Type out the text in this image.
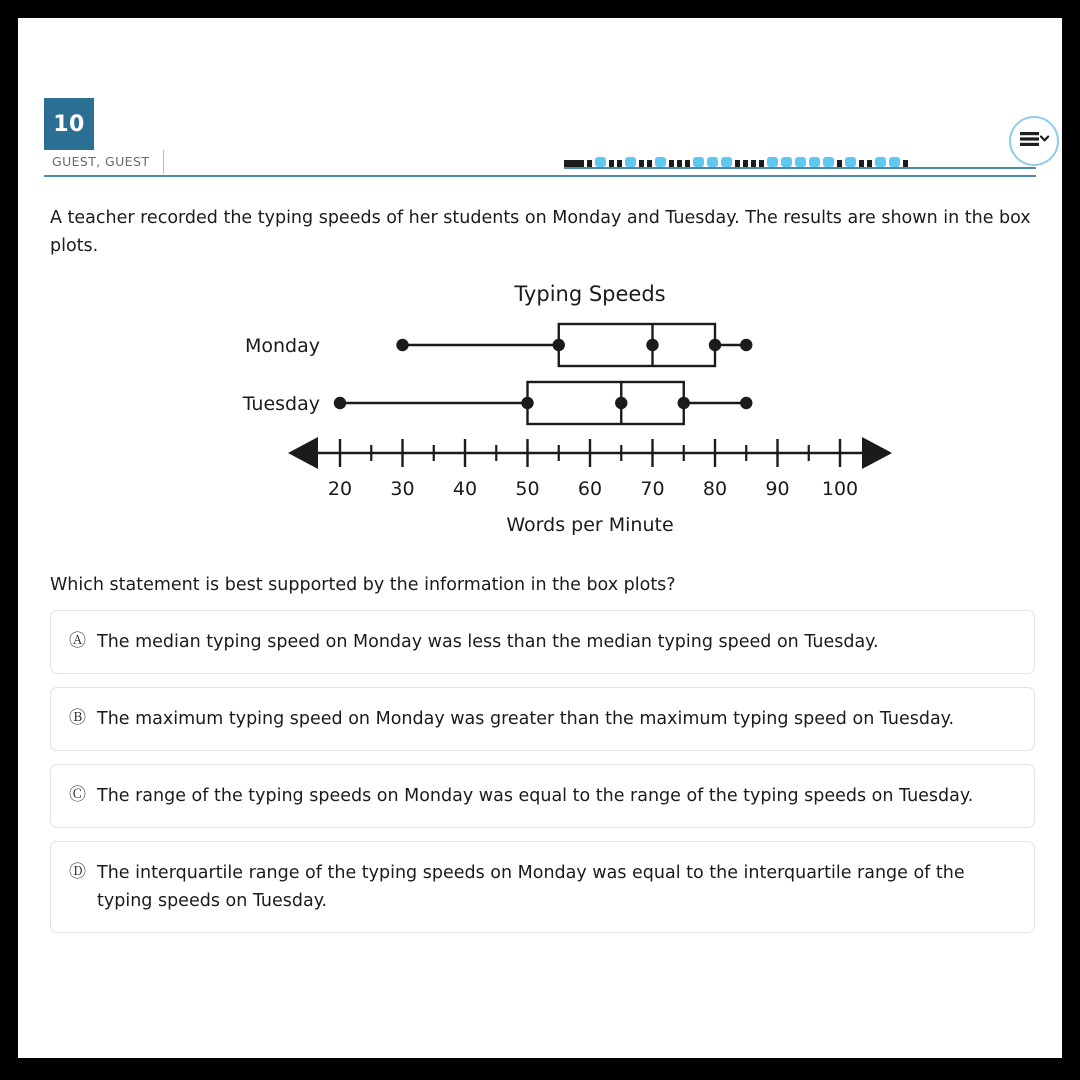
10
GUEST, GUEST
A teacher recorded the typing speeds of her students on Monday and Tuesday. The results are shown in the box plots.
Typing Speeds
Monday
Tuesday
20 30 40 50 60 70 80 90 100
Words per Minute
Which statement is best supported by the information in the box plots?
Ⓐ The median typing speed on Monday was less than the median typing speed on Tuesday.
Ⓑ The maximum typing speed on Monday was greater than the maximum typing speed on Tuesday.
Ⓒ The range of the typing speeds on Monday was equal to the range of the typing speeds on Tuesday.
Ⓓ The interquartile range of the typing speeds on Monday was equal to the interquartile range of the typing speeds on Tuesday.
